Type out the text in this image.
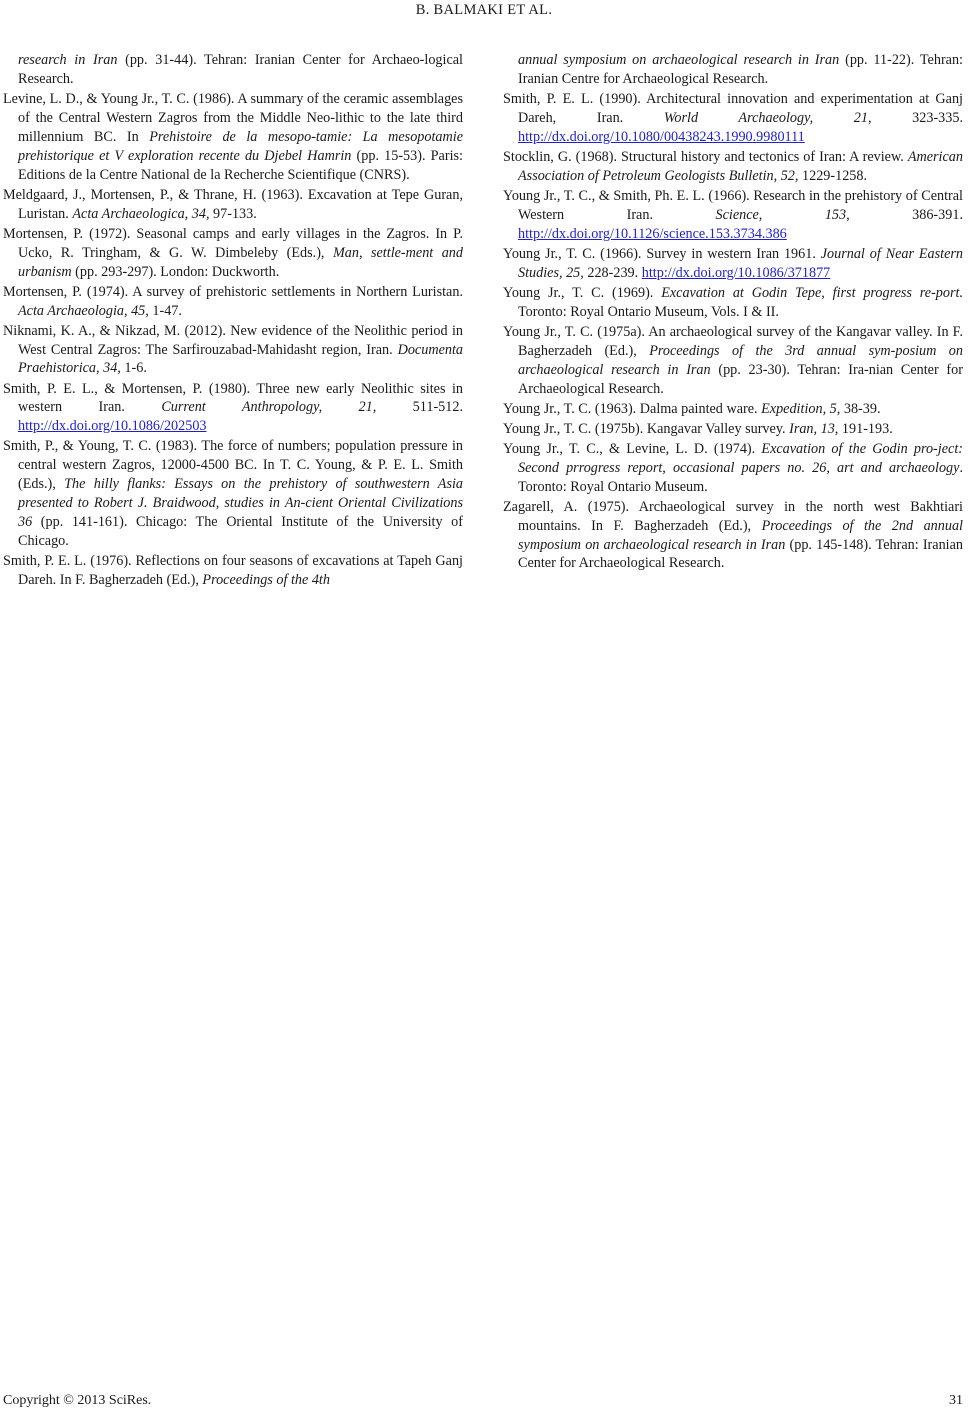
B. BALMAKI ET AL.

research in Iran (pp. 31-44). Tehran: Iranian Center for Archaeo-logical Research.

Levine, L. D., & Young Jr., T. C. (1986). A summary of the ceramic assemblages of the Central Western Zagros from the Middle Neo-lithic to the late third millennium BC. In Prehistoire de la mesopo-tamie: La mesopotamie prehistorique et V exploration recente du Djebel Hamrin (pp. 15-53). Paris: Editions de la Centre National de la Recherche Scientifique (CNRS).

Meldgaard, J., Mortensen, P., & Thrane, H. (1963). Excavation at Tepe Guran, Luristan. Acta Archaeologica, 34, 97-133.

Mortensen, P. (1972). Seasonal camps and early villages in the Zagros. In P. Ucko, R. Tringham, & G. W. Dimbeleby (Eds.), Man, settle-ment and urbanism (pp. 293-297). London: Duckworth.

Mortensen, P. (1974). A survey of prehistoric settlements in Northern Luristan. Acta Archaeologia, 45, 1-47.

Niknami, K. A., & Nikzad, M. (2012). New evidence of the Neolithic period in West Central Zagros: The Sarfirouzabad-Mahidasht region, Iran. Documenta Praehistorica, 34, 1-6.

Smith, P. E. L., & Mortensen, P. (1980). Three new early Neolithic sites in western Iran. Current Anthropology, 21, 511-512. http://dx.doi.org/10.1086/202503

Smith, P., & Young, T. C. (1983). The force of numbers; population pressure in central western Zagros, 12000-4500 BC. In T. C. Young, & P. E. L. Smith (Eds.), The hilly flanks: Essays on the prehistory of southwestern Asia presented to Robert J. Braidwood, studies in An-cient Oriental Civilizations 36 (pp. 141-161). Chicago: The Oriental Institute of the University of Chicago.

Smith, P. E. L. (1976). Reflections on four seasons of excavations at Tapeh Ganj Dareh. In F. Bagherzadeh (Ed.), Proceedings of the 4th

annual symposium on archaeological research in Iran (pp. 11-22). Tehran: Iranian Centre for Archaeological Research.

Smith, P. E. L. (1990). Architectural innovation and experimentation at Ganj Dareh, Iran. World Archaeology, 21, 323-335. http://dx.doi.org/10.1080/00438243.1990.9980111

Stocklin, G. (1968). Structural history and tectonics of Iran: A review. American Association of Petroleum Geologists Bulletin, 52, 1229-1258.

Young Jr., T. C., & Smith, Ph. E. L. (1966). Research in the prehistory of Central Western Iran. Science, 153, 386-391. http://dx.doi.org/10.1126/science.153.3734.386

Young Jr., T. C. (1966). Survey in western Iran 1961. Journal of Near Eastern Studies, 25, 228-239. http://dx.doi.org/10.1086/371877

Young Jr., T. C. (1969). Excavation at Godin Tepe, first progress re-port. Toronto: Royal Ontario Museum, Vols. I & II.

Young Jr., T. C. (1975a). An archaeological survey of the Kangavar valley. In F. Bagherzadeh (Ed.), Proceedings of the 3rd annual sym-posium on archaeological research in Iran (pp. 23-30). Tehran: Ira-nian Center for Archaeological Research.

Young Jr., T. C. (1963). Dalma painted ware. Expedition, 5, 38-39.

Young Jr., T. C. (1975b). Kangavar Valley survey. Iran, 13, 191-193.

Young Jr., T. C., & Levine, L. D. (1974). Excavation of the Godin pro-ject: Second prrogress report, occasional papers no. 26, art and archaeology. Toronto: Royal Ontario Museum.

Zagarell, A. (1975). Archaeological survey in the north west Bakhtiari mountains. In F. Bagherzadeh (Ed.), Proceedings of the 2nd annual symposium on archaeological research in Iran (pp. 145-148). Tehran: Iranian Center for Archaeological Research.

Copyright © 2013 SciRes.	31
